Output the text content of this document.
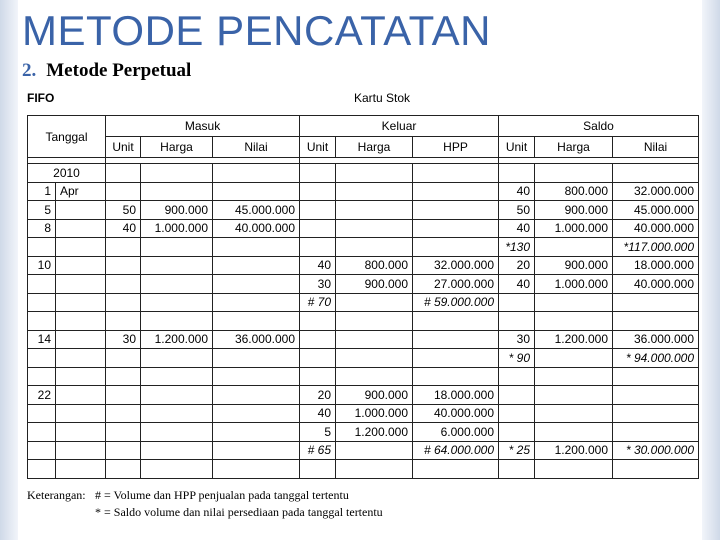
METODE PENCATATAN

2. Metode Perpetual

FIFO	Kartu Stok
Tanggal		Masuk			Keluar			Saldo		
		Unit	Harga	Nilai	Unit	Harga	HPP	Unit	Harga	Nilai

2010										
1	Apr							40	800.000	32.000.000
5		50	900.000	45.000.000				50	900.000	45.000.000
8		40	1.000.000	40.000.000				40	1.000.000	40.000.000
								*130		*117.000.000
10					40	800.000	32.000.000	20	900.000	18.000.000
					30	900.000	27.000.000	40	1.000.000	40.000.000
					# 70		# 59.000.000			

14		30	1.200.000	36.000.000				30	1.200.000	36.000.000
								* 90		* 94.000.000

22					20	900.000	18.000.000			
					40	1.000.000	40.000.000			
					5	1.200.000	6.000.000			
					# 65		# 64.000.000	* 25	1.200.000	* 30.000.000

Keterangan: # = Volume dan HPP penjualan pada tanggal tertentu
* = Saldo volume dan nilai persediaan pada tanggal tertentu
